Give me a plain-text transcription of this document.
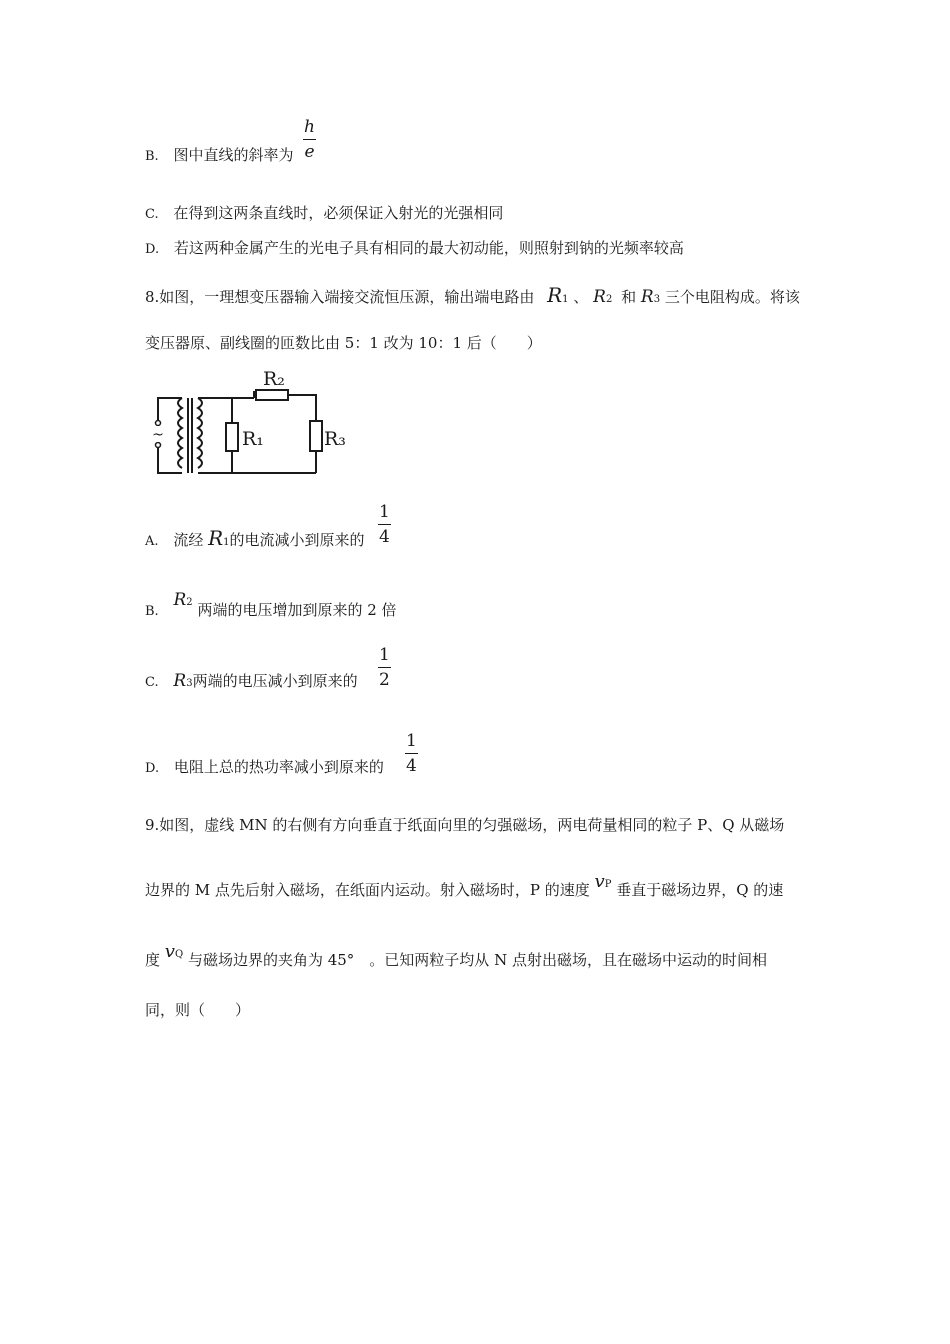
B. 图中直线的斜率为
h
e
C. 在得到这两条直线时，必须保证入射光的光强相同
D. 若这两种金属产生的光电子具有相同的最大初动能，则照射到钠的光频率较高
8.如图，一理想变压器输入端接交流恒压源，输出端电路由 R1 、 R2 和 R3 三个电阻构成。将该
变压器原、副线圈的匝数比由 5：1 改为 10：1 后（　　）
~
R₂
R₁	R₃
A. 流经 R1的电流减小到原来的
1
4
B. $R^2$ 两端的电压增加到原来的 2 倍
C. R3两端的电压减小到原来的
1
2
D. 电阻上总的热功率减小到原来的
1
4
9.如图，虚线 MN 的右侧有方向垂直于纸面向里的匀强磁场，两电荷量相同的粒子 P、Q 从磁场
边界的 M 点先后射入磁场，在纸面内运动。射入磁场时，P 的速度 $v^P$ 垂直于磁场边界，Q 的速
度 $v^Q$ 与磁场边界的夹角为 45°　。已知两粒子均从 N 点射出磁场，且在磁场中运动的时间相
同，则（　　）
